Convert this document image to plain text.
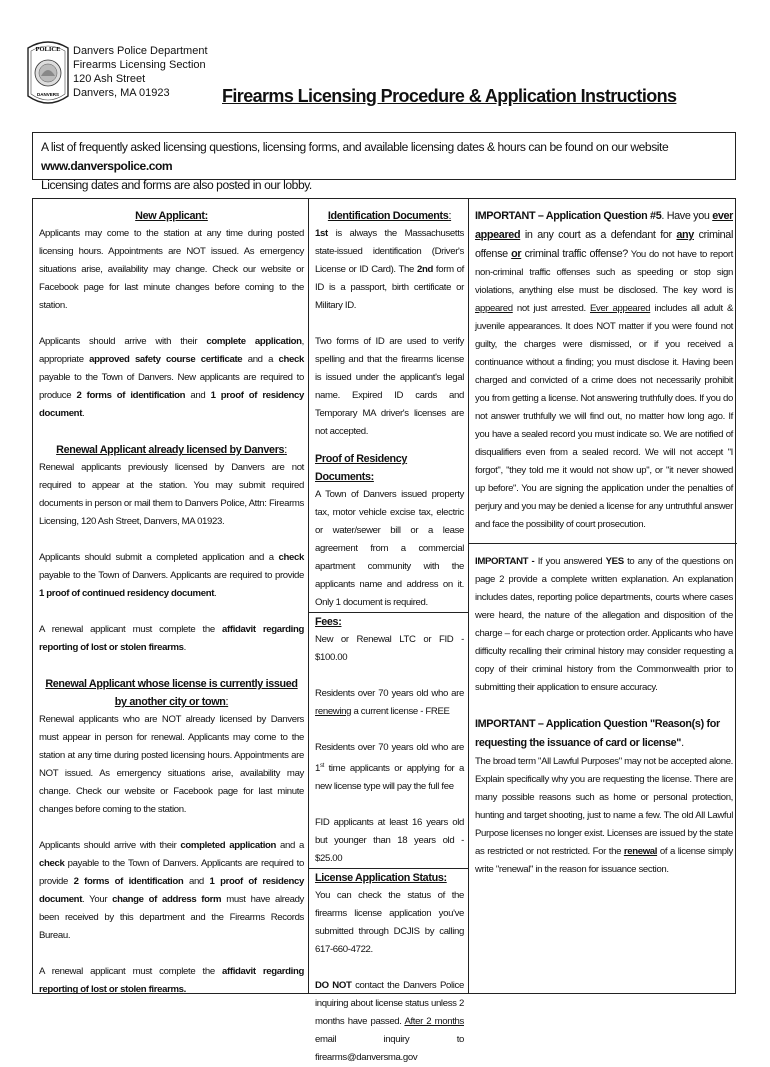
POLICE
DANVERS
Danvers Police Department
Firearms Licensing Section
120 Ash Street
Danvers, MA 01923	Firearms Licensing Procedure & Application Instructions
A list of frequently asked licensing questions, licensing forms, and available licensing dates & hours can be found on our website www.danverspolice.com
Licensing dates and forms are also posted in our lobby.

New Applicant:

Applicants may come to the station at any time during posted licensing hours. Appointments are NOT issued. As emergency situations arise, availability may change. Check our website or Facebook page for last minute changes before coming to the station.

Applicants should arrive with their complete application, appropriate approved safety course certificate and a check payable to the Town of Danvers. New applicants are required to produce 2 forms of identification and 1 proof of residency document.

Renewal Applicant already licensed by Danvers:

Renewal applicants previously licensed by Danvers are not required to appear at the station. You may submit required documents in person or mail them to Danvers Police, Attn: Firearms Licensing, 120 Ash Street, Danvers, MA 01923.

Applicants should submit a completed application and a check payable to the Town of Danvers. Applicants are required to provide 1 proof of continued residency document.

A renewal applicant must complete the affidavit regarding reporting of lost or stolen firearms.

Renewal Applicant whose license is currently issued by another city or town:

Renewal applicants who are NOT already licensed by Danvers must appear in person for renewal. Applicants may come to the station at any time during posted licensing hours. Appointments are NOT issued. As emergency situations arise, availability may change. Check our website or Facebook page for last minute changes before coming to the station.

Applicants should arrive with their completed application and a check payable to the Town of Danvers. Applicants are required to provide 2 forms of identification and 1 proof of residency document. Your change of address form must have already been received by this department and the Firearms Records Bureau.

A renewal applicant must complete the affidavit regarding reporting of lost or stolen firearms.

Identification Documents:

1st is always the Massachusetts state-issued identification (Driver's License or ID Card). The 2nd form of ID is a passport, birth certificate or Military ID.

Two forms of ID are used to verify spelling and that the firearms license is issued under the applicant's legal name. Expired ID cards and Temporary MA driver's licenses are not accepted.

Proof of Residency Documents:

A Town of Danvers issued property tax, motor vehicle excise tax, electric or water/sewer bill or a lease agreement from a commercial apartment community with the applicants name and address on it. Only 1 document is required.

Fees:

New or Renewal LTC or FID - $100.00

Residents over 70 years old who are renewing a current license - FREE

Residents over 70 years old who are 1st time applicants or applying for a new license type will pay the full fee

FID applicants at least 16 years old but younger than 18 years old - $25.00

License Application Status:

You can check the status of the firearms license application you've submitted through DCJIS by calling 617-660-4722.

DO NOT contact the Danvers Police inquiring about license status unless 2 months have passed. After 2 months email inquiry to firearms@danversma.gov

IMPORTANT – Application Question #5. Have you ever appeared in any court as a defendant for any criminal offense or criminal traffic offense? You do not have to report non-criminal traffic offenses such as speeding or stop sign violations, anything else must be disclosed. The key word is appeared not just arrested. Ever appeared includes all adult & juvenile appearances. It does NOT matter if you were found not guilty, the charges were dismissed, or if you received a continuance without a finding; you must disclose it. Having been charged and convicted of a crime does not necessarily prohibit you from getting a license. Not answering truthfully does. If you do not answer truthfully we will find out, no matter how long ago. If you have a sealed record you must indicate so. We are notified of disqualifiers even from a sealed record. We will not accept "I forgot", "they told me it would not show up", or "it never showed up before". You are signing the application under the penalties of perjury and you may be denied a license for any untruthful answer and face the possibility of court prosecution.

IMPORTANT - If you answered YES to any of the questions on page 2 provide a complete written explanation. An explanation includes dates, reporting police departments, courts where cases were heard, the nature of the allegation and disposition of the charge – for each charge or protection order. Applicants who have difficulty recalling their criminal history may consider requesting a copy of their criminal history from the Commonwealth prior to submitting their application to ensure accuracy.

IMPORTANT – Application Question "Reason(s) for requesting the issuance of card or license".

The broad term "All Lawful Purposes" may not be accepted alone. Explain specifically why you are requesting the license. There are many possible reasons such as home or personal protection, hunting and target shooting, just to name a few. The old All Lawful Purpose licenses no longer exist. Licenses are issued by the state as restricted or not restricted. For the renewal of a license simply write "renewal" in the reason for issuance section.
